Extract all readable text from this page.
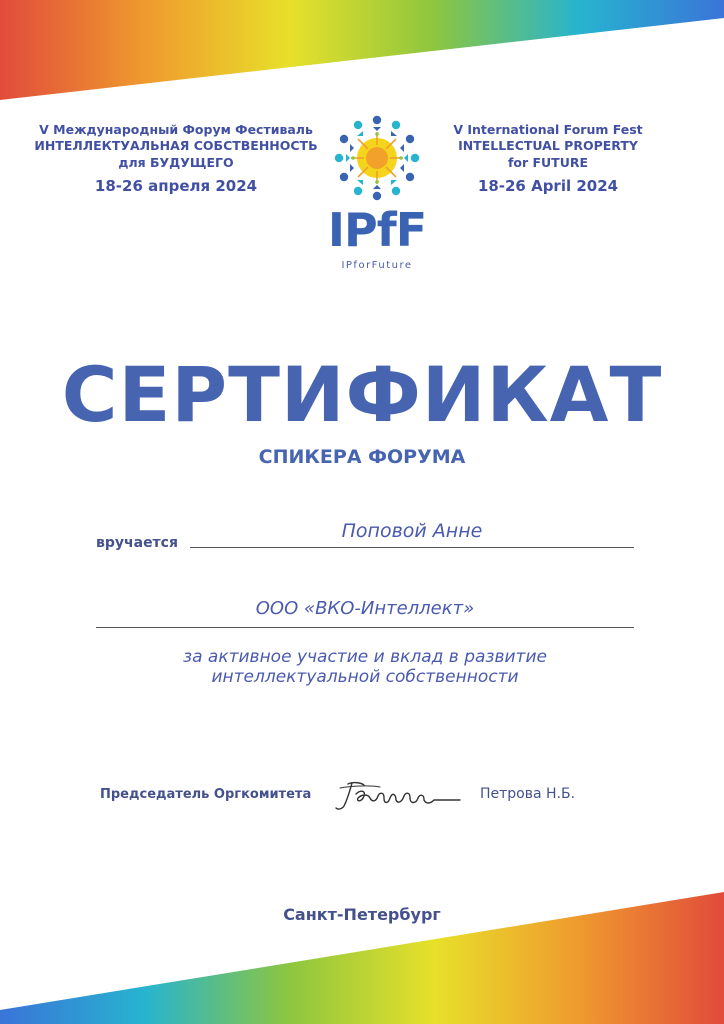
V Международный Форум Фестиваль
ИНТЕЛЛЕКТУАЛЬНАЯ СОБСТВЕННОСТЬ
для БУДУЩЕГО
18-26 апреля 2024
V International Forum Fest
INTELLECTUAL PROPERTY
for FUTURE
18-26 April 2024
IPfF
IPforFuture
СЕРТИФИКАТ
СПИКЕРА ФОРУМА
вручается
Поповой Анне
ООО «ВКО-Интеллект»
за активное участие и вклад в развитие
интеллектуальной собственности
Председатель Оргкомитета	Петрова Н.Б.
Санкт-Петербург
